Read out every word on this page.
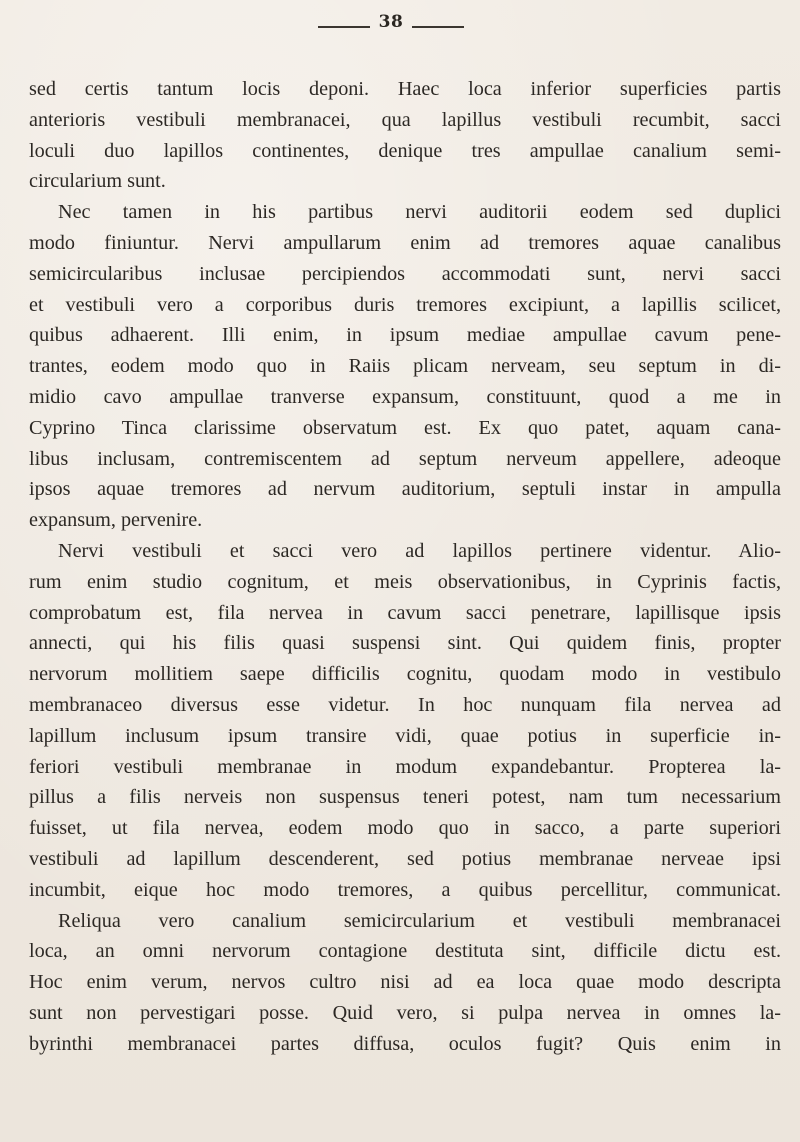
38
sed certis tantum locis deponi. Haec loca inferior superficies partis
anterioris vestibuli membranacei, qua lapillus vestibuli recumbit, sacci
loculi duo lapillos continentes, denique tres ampullae canalium semi-
circularium sunt.
Nec tamen in his partibus nervi auditorii eodem sed duplici
modo finiuntur. Nervi ampullarum enim ad tremores aquae canalibus
semicircularibus inclusae percipiendos accommodati sunt, nervi sacci
et vestibuli vero a corporibus duris tremores excipiunt, a lapillis scilicet,
quibus adhaerent. Illi enim, in ipsum mediae ampullae cavum pene-
trantes, eodem modo quo in Raiis plicam nerveam, seu septum in di-
midio cavo ampullae tranverse expansum, constituunt, quod a me in
Cyprino Tinca clarissime observatum est. Ex quo patet, aquam cana-
libus inclusam, contremiscentem ad septum nerveum appellere, adeoque
ipsos aquae tremores ad nervum auditorium, septuli instar in ampulla
expansum, pervenire.
Nervi vestibuli et sacci vero ad lapillos pertinere videntur. Alio-
rum enim studio cognitum, et meis observationibus, in Cyprinis factis,
comprobatum est, fila nervea in cavum sacci penetrare, lapillisque ipsis
annecti, qui his filis quasi suspensi sint. Qui quidem finis, propter
nervorum mollitiem saepe difficilis cognitu, quodam modo in vestibulo
membranaceo diversus esse videtur. In hoc nunquam fila nervea ad
lapillum inclusum ipsum transire vidi, quae potius in superficie in-
feriori vestibuli membranae in modum expandebantur. Propterea la-
pillus a filis nerveis non suspensus teneri potest, nam tum necessarium
fuisset, ut fila nervea, eodem modo quo in sacco, a parte superiori
vestibuli ad lapillum descenderent, sed potius membranae nerveae ipsi
incumbit, eique hoc modo tremores, a quibus percellitur, communicat.
Reliqua vero canalium semicircularium et vestibuli membranacei
loca, an omni nervorum contagione destituta sint, difficile dictu est.
Hoc enim verum, nervos cultro nisi ad ea loca quae modo descripta
sunt non pervestigari posse. Quid vero, si pulpa nervea in omnes la-
byrinthi membranacei partes diffusa, oculos fugit? Quis enim in
